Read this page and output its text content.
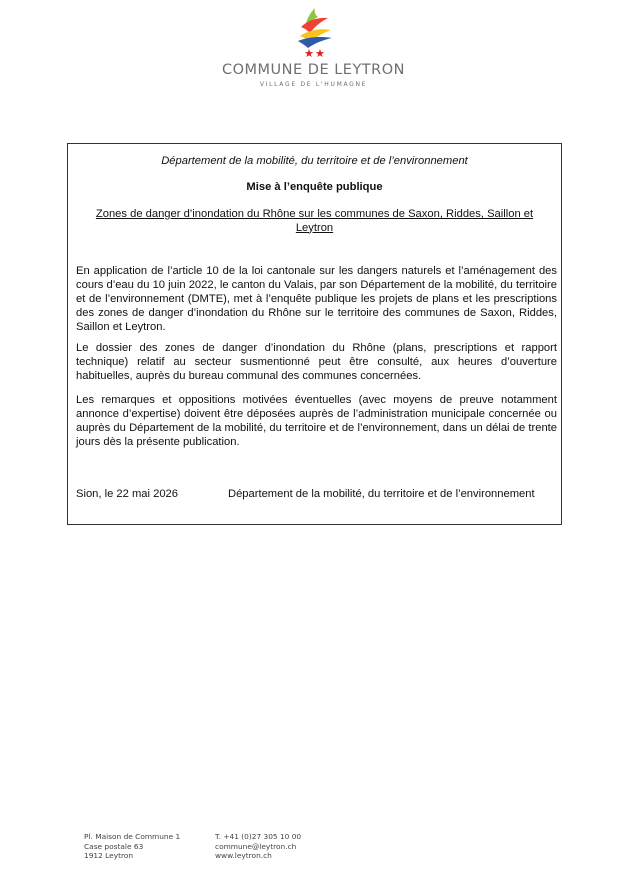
COMMUNE DE LEYTRON
VILLAGE DE L'HUMAGNE
Département de la mobilité, du territoire et de l’environnement
Mise à l’enquête publique
Zones de danger d’inondation du Rhône sur les communes de Saxon, Riddes, Saillon et Leytron

En application de l’article 10 de la loi cantonale sur les dangers naturels et l’aménagement des cours d’eau du 10 juin 2022, le canton du Valais, par son Département de la mobilité, du territoire et de l’environnement (DMTE), met à l’enquête publique les projets de plans et les prescriptions des zones de danger d’inondation du Rhône sur le territoire des communes de Saxon, Riddes, Saillon et Leytron.

Le dossier des zones de danger d’inondation du Rhône (plans, prescriptions et rapport technique) relatif au secteur susmentionné peut être consulté, aux heures d’ouverture habituelles, auprès du bureau communal des communes concernées.

Les remarques et oppositions motivées éventuelles (avec moyens de preuve notamment annonce d’expertise) doivent être déposées auprès de l’administration municipale concernée ou auprès du Département de la mobilité, du territoire et de l’environnement, dans un délai de trente jours dès la présente publication.

Sion, le 22 mai 2026	Département de la mobilité, du territoire et de l’environnement
Pl. Maison de Commune 1
Case postale 63
1912 Leytron
T. +41 (0)27 305 10 00
commune@leytron.ch
www.leytron.ch
